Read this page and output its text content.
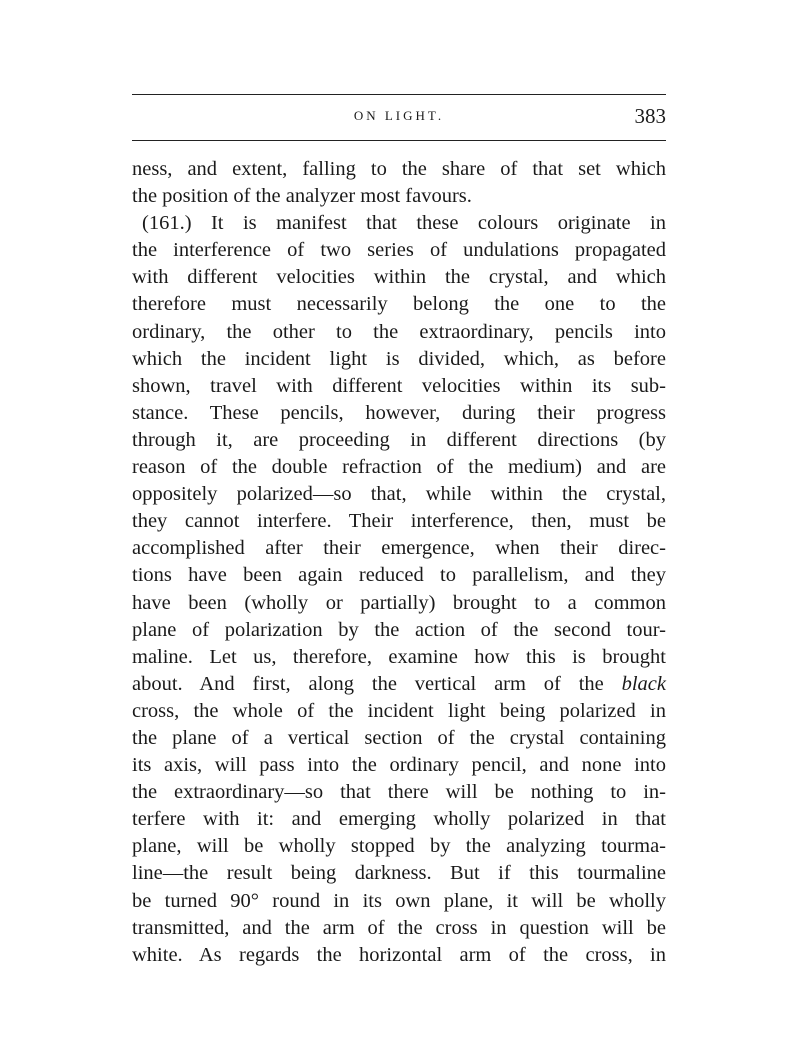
ON LIGHT.	383
ness, and extent, falling to the share of that set which
the position of the analyzer most favours.
(161.) It is manifest that these colours originate in
the interference of two series of undulations propagated
with different velocities within the crystal, and which
therefore must necessarily belong the one to the
ordinary, the other to the extraordinary, pencils into
which the incident light is divided, which, as before
shown, travel with different velocities within its sub-
stance. These pencils, however, during their progress
through it, are proceeding in different directions (by
reason of the double refraction of the medium) and are
oppositely polarized—so that, while within the crystal,
they cannot interfere. Their interference, then, must be
accomplished after their emergence, when their direc-
tions have been again reduced to parallelism, and they
have been (wholly or partially) brought to a common
plane of polarization by the action of the second tour-
maline. Let us, therefore, examine how this is brought
about. And first, along the vertical arm of the black
cross, the whole of the incident light being polarized in
the plane of a vertical section of the crystal containing
its axis, will pass into the ordinary pencil, and none into
the extraordinary—so that there will be nothing to in-
terfere with it: and emerging wholly polarized in that
plane, will be wholly stopped by the analyzing tourma-
line—the result being darkness. But if this tourmaline
be turned 90° round in its own plane, it will be wholly
transmitted, and the arm of the cross in question will be
white. As regards the horizontal arm of the cross, in
